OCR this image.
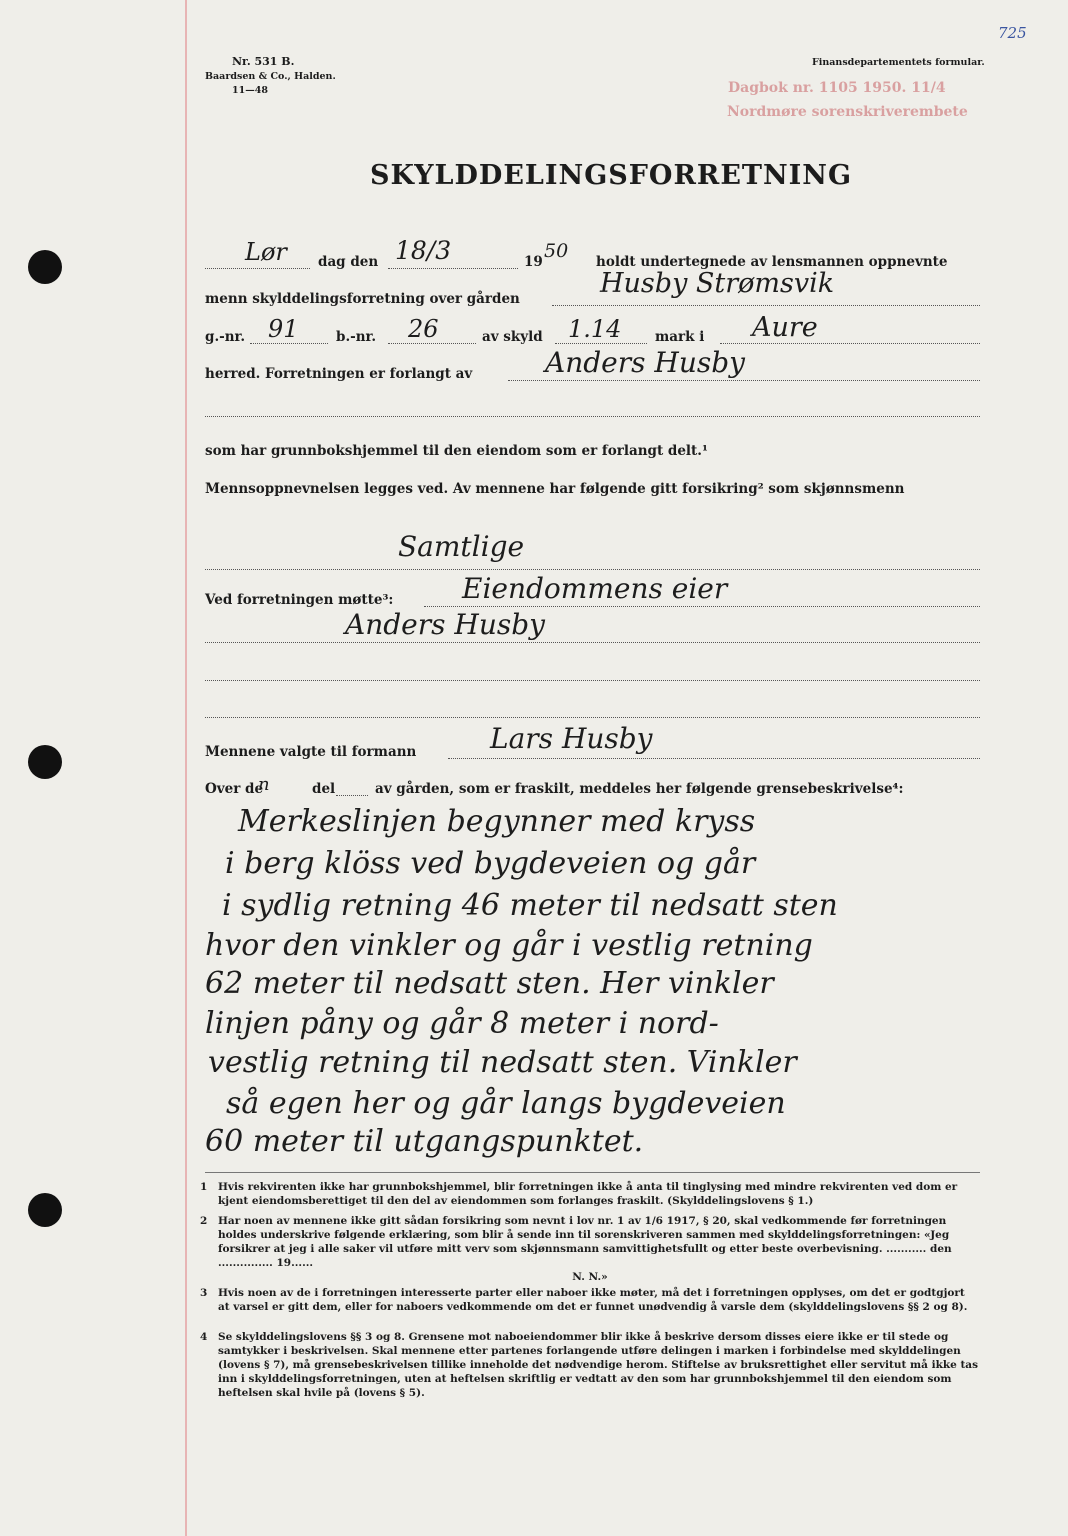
Nr. 531 B.
Baardsen & Co., Halden.
11—48
Finansdepartementets formular.
725
Dagbok nr. 1105 1950. 11/4
Nordmøre sorenskriverembete
SKYLDDELINGSFORRETNING
Lør dag den 18/3	19 50 holdt undertegnede av lensmannen oppnevnte
menn skylddelingsforretning over gården	Husby Strømsvik
g.-nr. 91	b.-nr. 26	av skyld 1.14 mark i Aure
herred. Forretningen er forlangt av	Anders Husby
som har grunnbokshjemmel til den eiendom som er forlangt delt.¹
Mennsoppnevnelsen legges ved. Av mennene har følgende gitt forsikring² som skjønnsmenn
Samtlige
Ved forretningen møtte³: Eiendommens eier
Anders Husby
Mennene valgte til formann	Lars Husby
Over de
n	del	av gården, som er fraskilt, meddeles her følgende grensebeskrivelse⁴:
Merkeslinjen begynner med kryss
i berg klöss ved bygdeveien og går
i sydlig retning 46 meter til nedsatt sten
hvor den vinkler og går i vestlig retning
62 meter til nedsatt sten. Her vinkler
linjen påny og går 8 meter i nord-
vestlig retning til nedsatt sten. Vinkler
så egen her og går langs bygdeveien
60 meter til utgangspunktet.
1 Hvis rekvirenten ikke har grunnbokshjemmel, blir forretningen ikke å anta til tinglysing med mindre rekvirenten ved dom er kjent eiendomsberettiget til den del av eiendommen som forlanges fraskilt. (Skylddelingslovens § 1.)
2 Har noen av mennene ikke gitt sådan forsikring som nevnt i lov nr. 1 av 1/6 1917, § 20, skal vedkommende før forretningen holdes underskrive følgende erklæring, som blir å sende inn til sorenskriveren sammen med skylddelingsforretningen: «Jeg forsikrer at jeg i alle saker vil utføre mitt verv som skjønnsmann samvittighetsfullt og etter beste overbevisning. ........... den ............... 19......
N. N.»
3 Hvis noen av de i forretningen interesserte parter eller naboer ikke møter, må det i forretningen opplyses, om det er godtgjort at varsel er gitt dem, eller for naboers vedkommende om det er funnet unødvendig å varsle dem (skylddelingslovens §§ 2 og 8).
4 Se skylddelingslovens §§ 3 og 8. Grensene mot naboeiendommer blir ikke å beskrive dersom disses eiere ikke er til stede og samtykker i beskrivelsen. Skal mennene etter partenes forlangende utføre delingen i marken i forbindelse med skylddelingen (lovens § 7), må grensebeskrivelsen tillike inneholde det nødvendige herom. Stiftelse av bruksrettighet eller servitut må ikke tas inn i skylddelingsforretningen, uten at heftelsen skriftlig er vedtatt av den som har grunnbokshjemmel til den eiendom som heftelsen skal hvile på (lovens § 5).
